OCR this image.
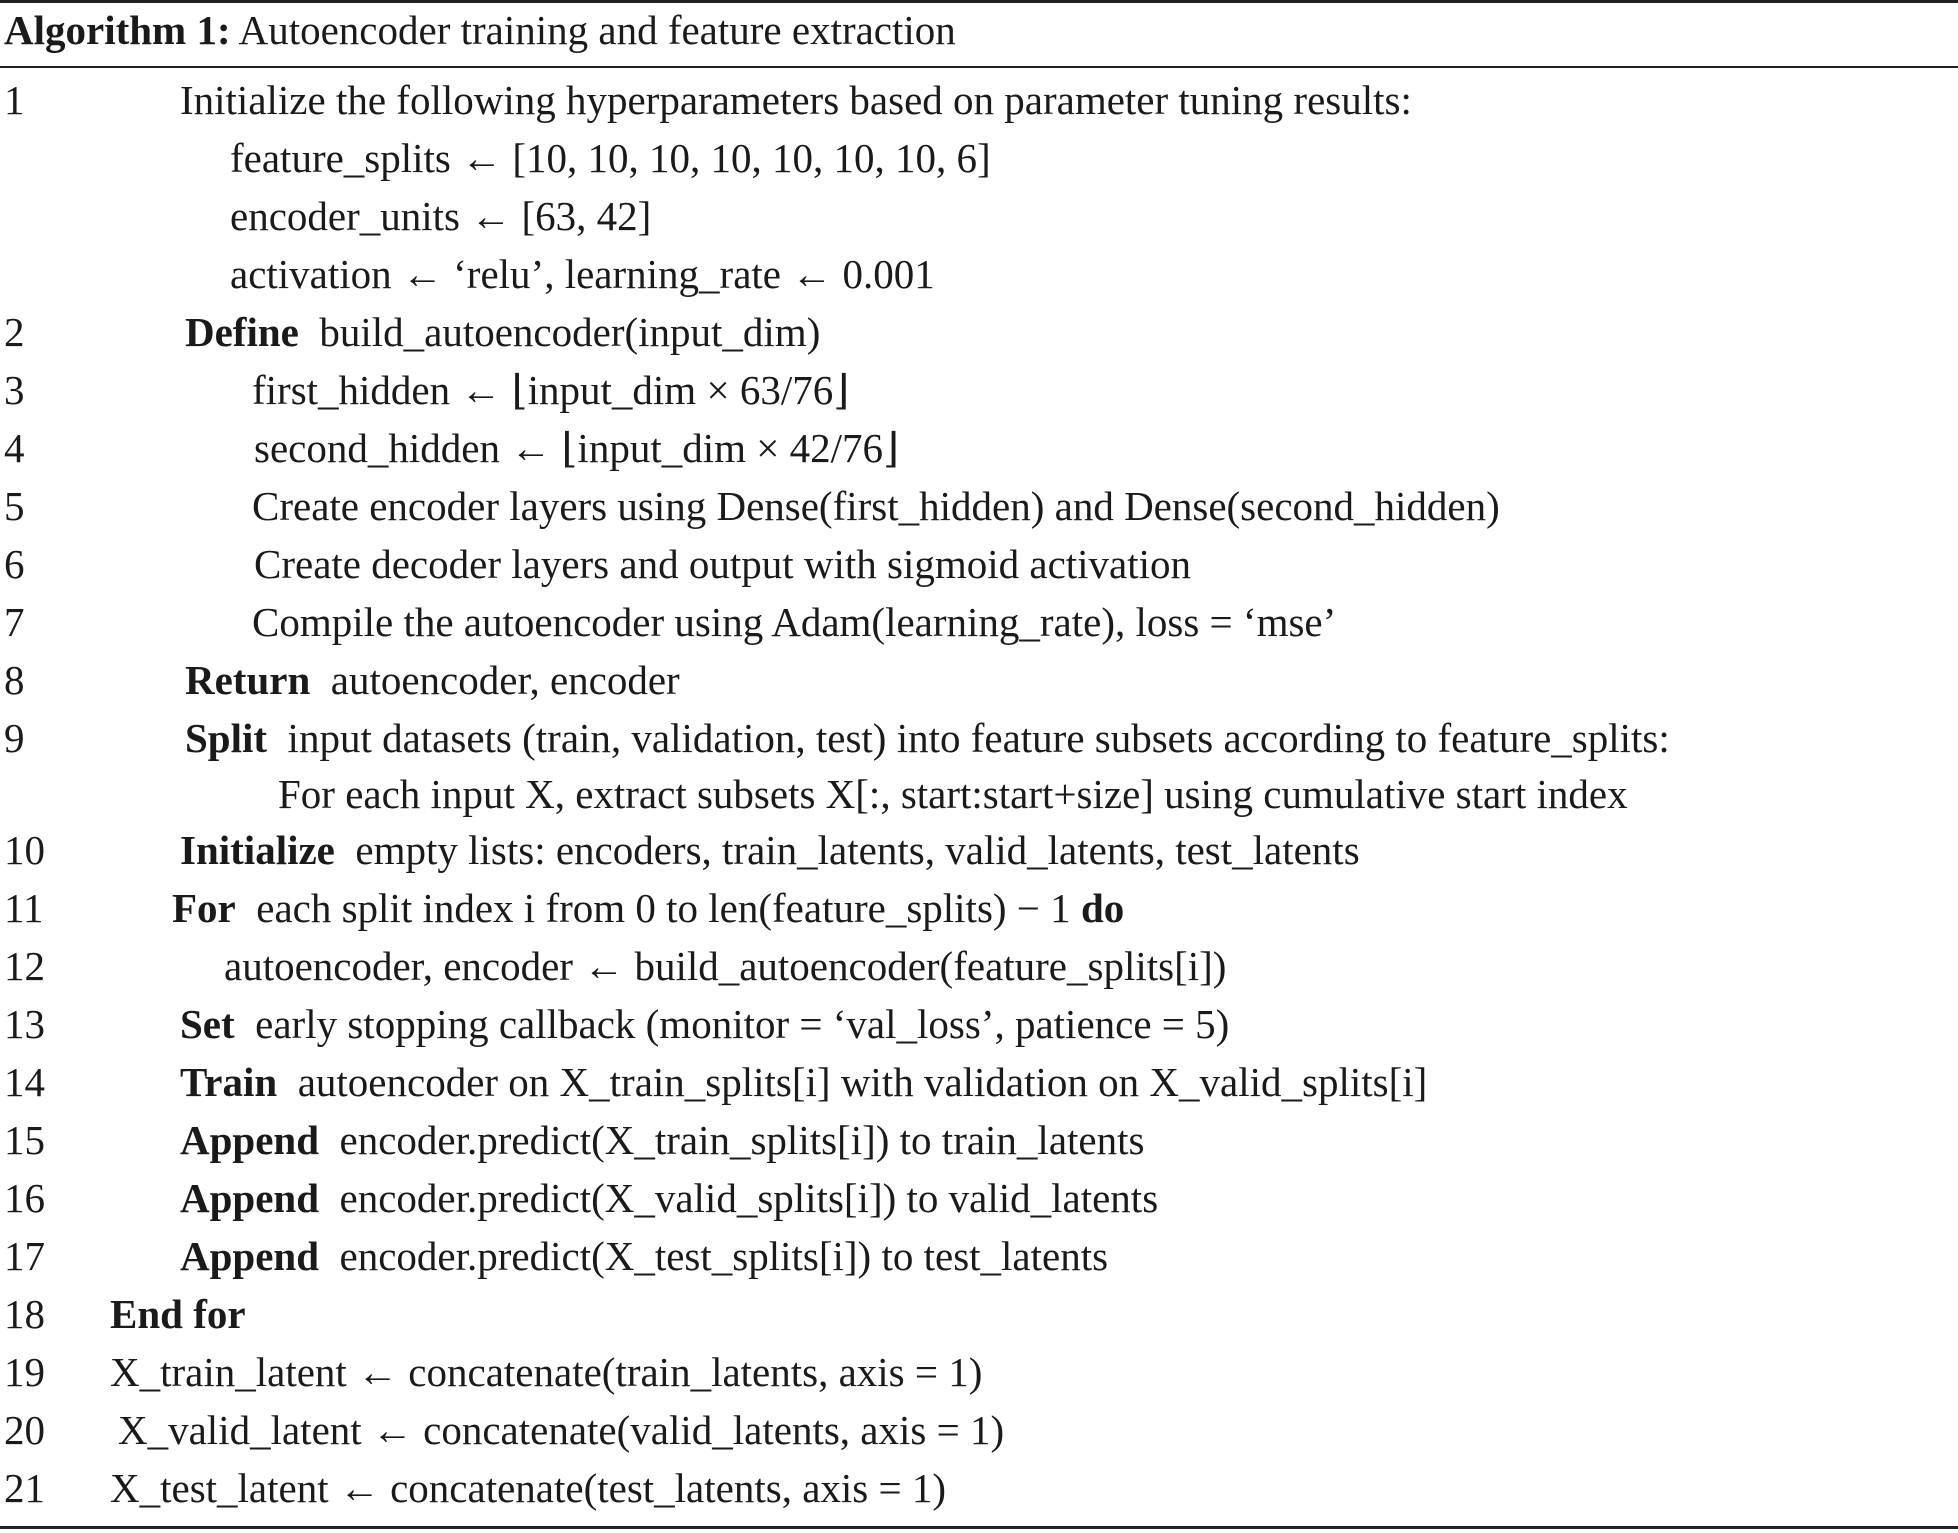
Algorithm 1: Autoencoder training and feature extraction
1	Initialize the following hyperparameters based on parameter tuning results:
feature_splits ← [10, 10, 10, 10, 10, 10, 10, 6]
encoder_units ← [63, 42]
activation ← ‘relu’, learning_rate ← 0.001
2	Define build_autoencoder(input_dim)
3	first_hidden ← ⌊input_dim × 63/76⌋
4	second_hidden ← ⌊input_dim × 42/76⌋
5	Create encoder layers using Dense(first_hidden) and Dense(second_hidden)
6	Create decoder layers and output with sigmoid activation
7	Compile the autoencoder using Adam(learning_rate), loss = ‘mse’
8	Return autoencoder, encoder
9	Split input datasets (train, validation, test) into feature subsets according to feature_splits:
For each input X, extract subsets X[:, start:start+size] using cumulative start index
10	Initialize empty lists: encoders, train_latents, valid_latents, test_latents
11	For each split index i from 0 to len(feature_splits) − 1 do
12	autoencoder, encoder ← build_autoencoder(feature_splits[i])
13	Set early stopping callback (monitor = ‘val_loss’, patience = 5)
14	Train autoencoder on X_train_splits[i] with validation on X_valid_splits[i]
15	Append encoder.predict(X_train_splits[i]) to train_latents
16	Append encoder.predict(X_valid_splits[i]) to valid_latents
17	Append encoder.predict(X_test_splits[i]) to test_latents
18 End for
19 X_train_latent ← concatenate(train_latents, axis = 1)
20 X_valid_latent ← concatenate(valid_latents, axis = 1)
21 X_test_latent ← concatenate(test_latents, axis = 1)
